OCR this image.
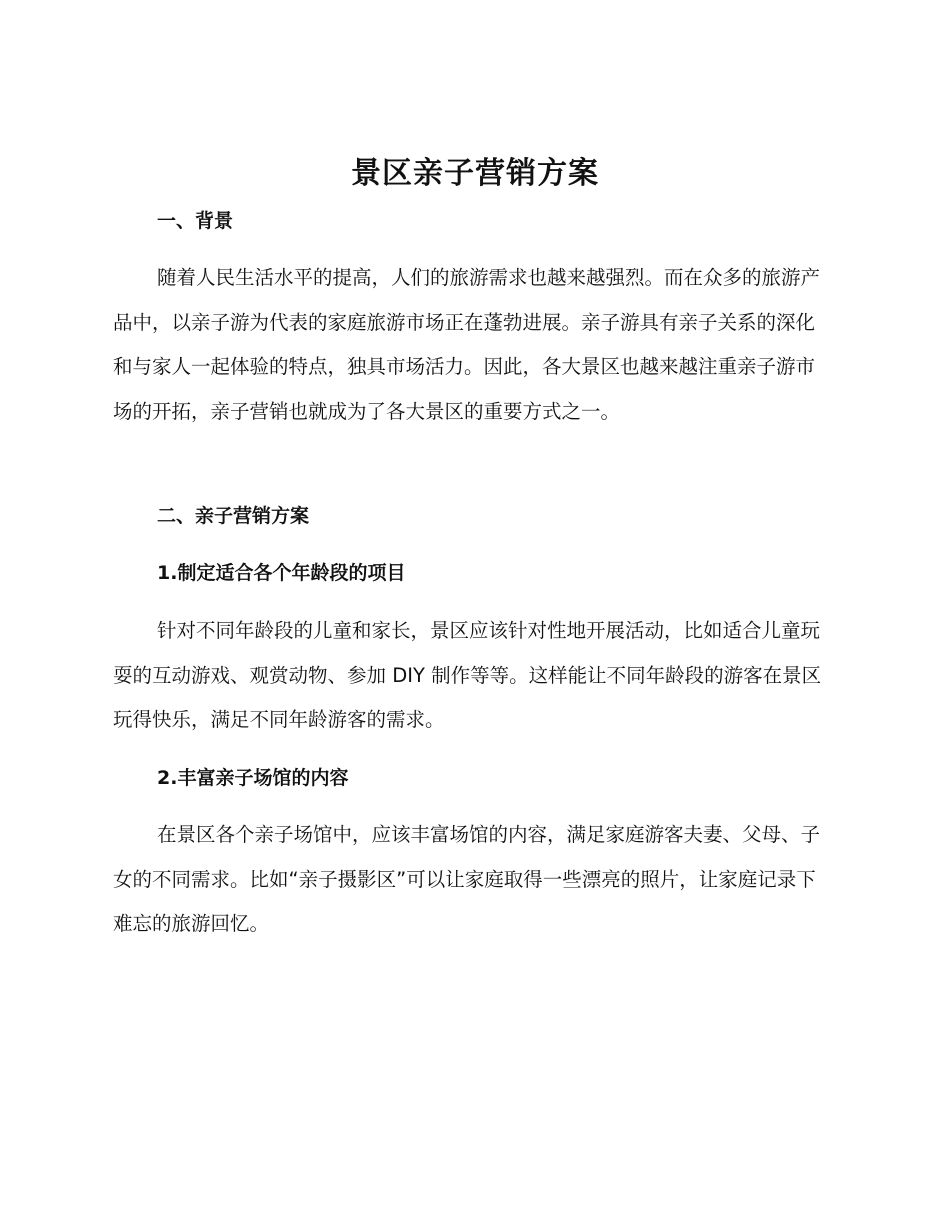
景区亲子营销方案
一、背景

随着人民生活水平的提高，人们的旅游需求也越来越强烈。而在众多的旅游产品中，以亲子游为代表的家庭旅游市场正在蓬勃进展。亲子游具有亲子关系的深化和与家人一起体验的特点，独具市场活力。因此，各大景区也越来越注重亲子游市场的开拓，亲子营销也就成为了各大景区的重要方式之一。

二、亲子营销方案
1.制定适合各个年龄段的项目

针对不同年龄段的儿童和家长，景区应该针对性地开展活动，比如适合儿童玩耍的互动游戏、观赏动物、参加 DIY 制作等等。这样能让不同年龄段的游客在景区玩得快乐，满足不同年龄游客的需求。

2.丰富亲子场馆的内容

在景区各个亲子场馆中，应该丰富场馆的内容，满足家庭游客夫妻、父母、子女的不同需求。比如“亲子摄影区”可以让家庭取得一些漂亮的照片，让家庭记录下难忘的旅游回忆。
